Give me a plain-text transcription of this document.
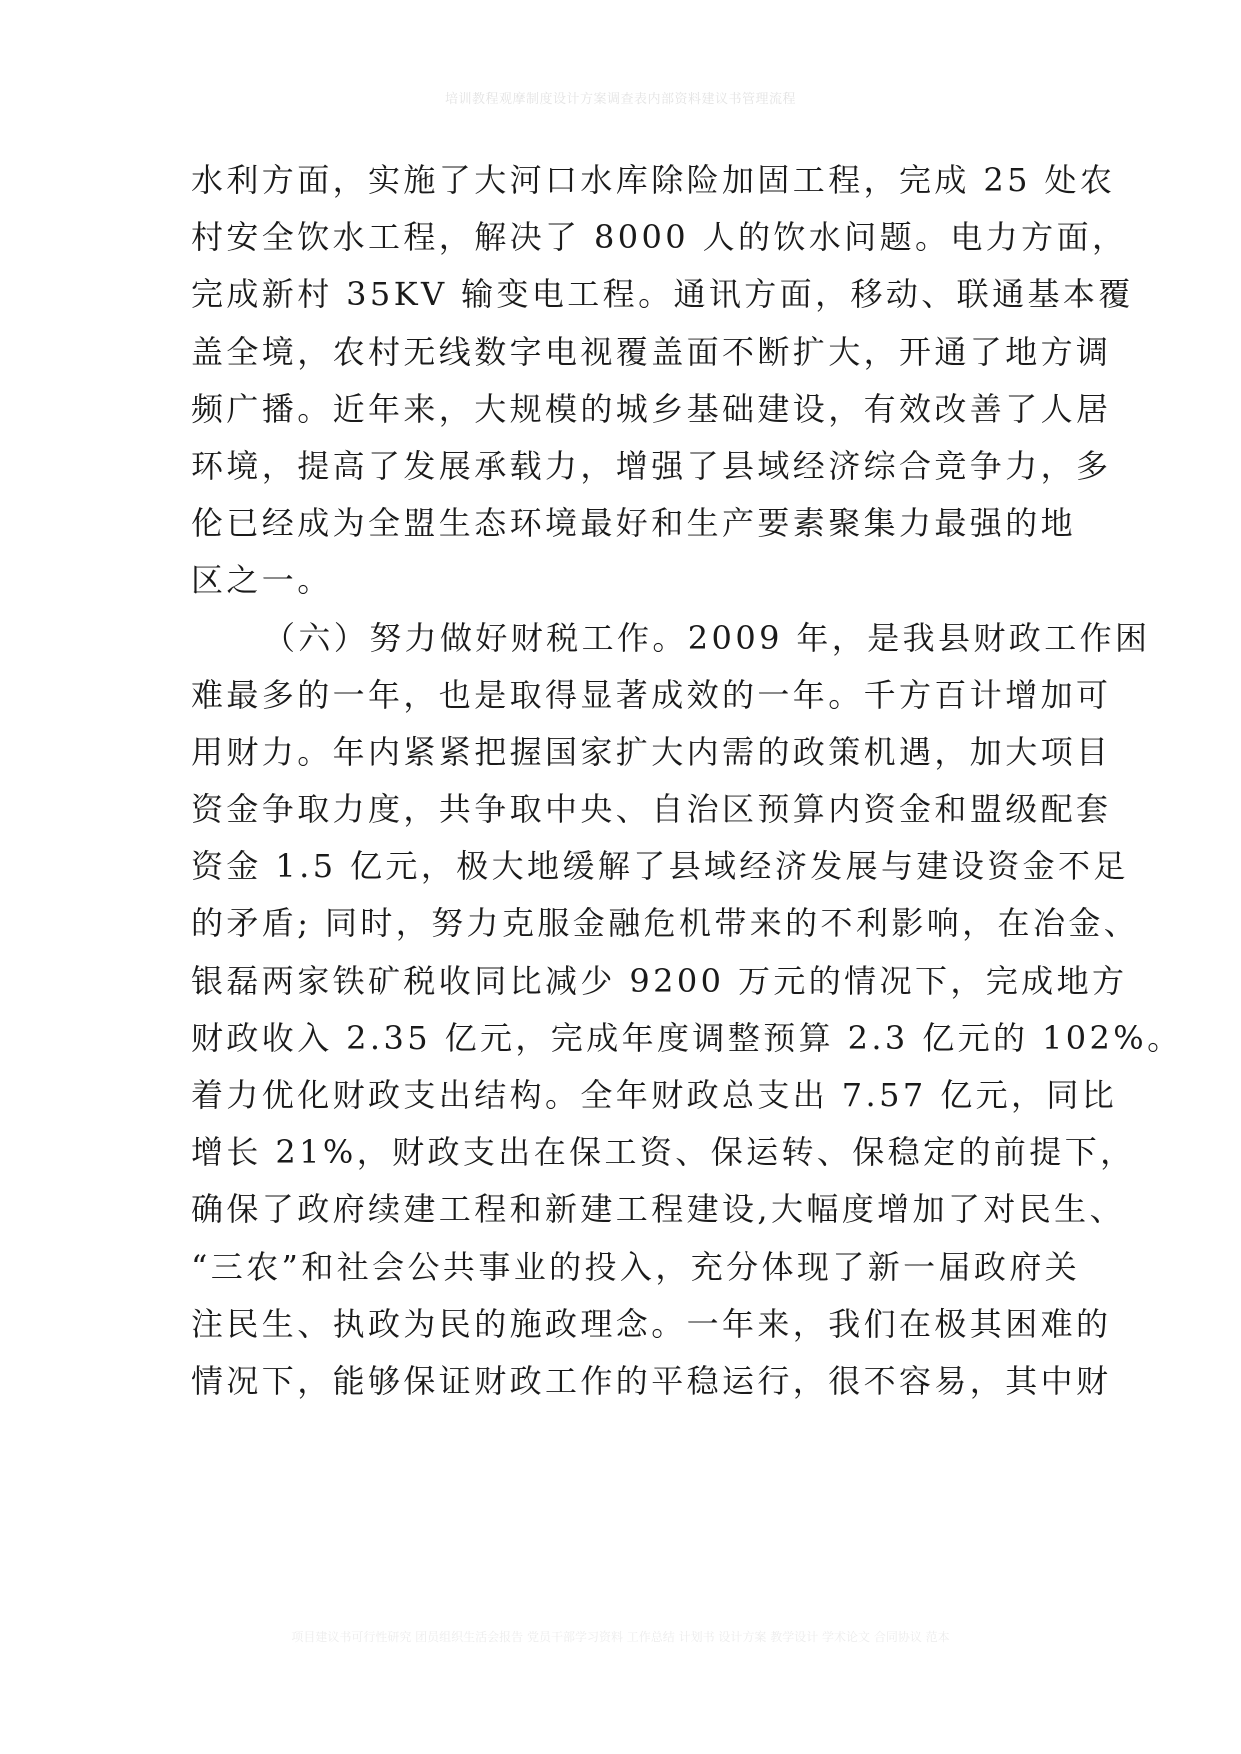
培训教程观摩制度设计方案调查表内部资料建议书管理流程
水利方面，实施了大河口水库除险加固工程，完成 25 处农
村安全饮水工程，解决了 8000 人的饮水问题。电力方面，
完成新村 35KV 输变电工程。通讯方面，移动、联通基本覆
盖全境，农村无线数字电视覆盖面不断扩大，开通了地方调
频广播。近年来，大规模的城乡基础建设，有效改善了人居
环境，提高了发展承载力，增强了县域经济综合竞争力，多
伦已经成为全盟生态环境最好和生产要素聚集力最强的地
区之一。
（六）努力做好财税工作。2009 年，是我县财政工作困
难最多的一年，也是取得显著成效的一年。千方百计增加可
用财力。年内紧紧把握国家扩大内需的政策机遇，加大项目
资金争取力度，共争取中央、自治区预算内资金和盟级配套
资金 1.5 亿元，极大地缓解了县域经济发展与建设资金不足
的矛盾; 同时，努力克服金融危机带来的不利影响，在冶金、
银磊两家铁矿税收同比减少 9200 万元的情况下，完成地方
财政收入 2.35 亿元，完成年度调整预算 2.3 亿元的 102%。
着力优化财政支出结构。全年财政总支出 7.57 亿元，同比
增长 21%，财政支出在保工资、保运转、保稳定的前提下，
确保了政府续建工程和新建工程建设,大幅度增加了对民生、
“三农”和社会公共事业的投入，充分体现了新一届政府关
注民生、执政为民的施政理念。一年来，我们在极其困难的
情况下，能够保证财政工作的平稳运行，很不容易，其中财
项目建议书可行性研究 团员组织生活会报告 党员干部学习资料 工作总结 计划书 设计方案 教学设计 学术论文 合同协议 范本
